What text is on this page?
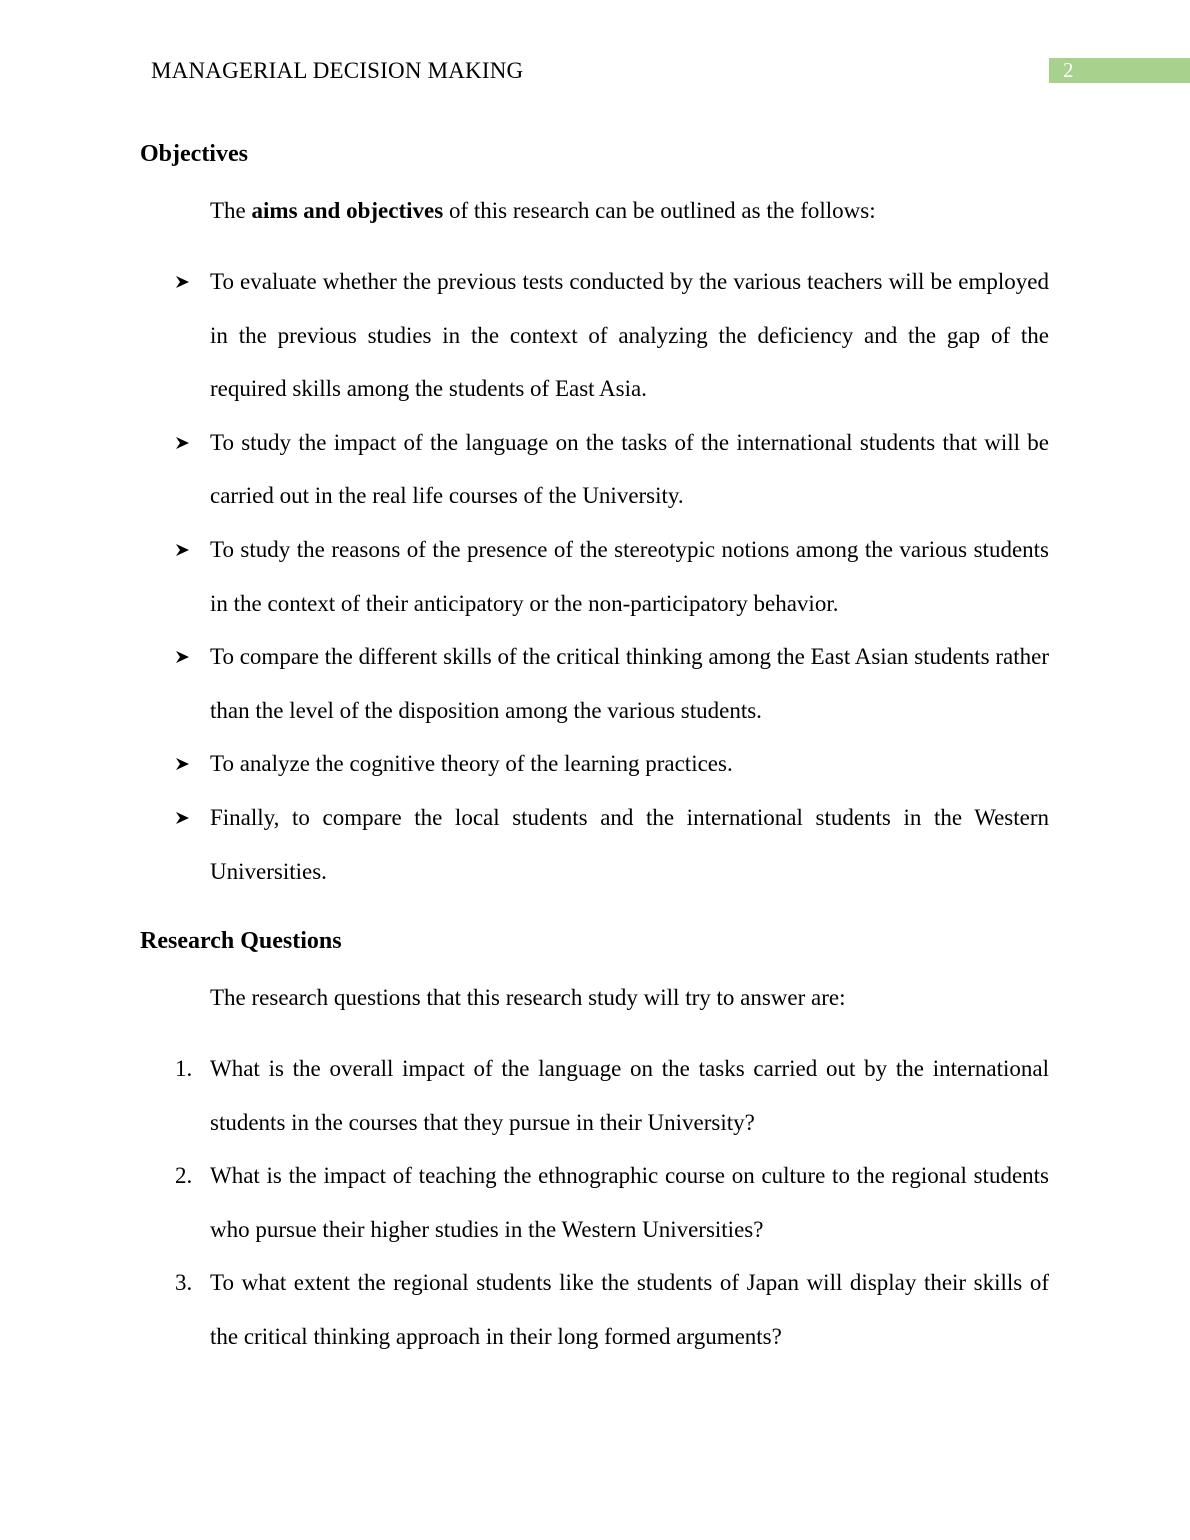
MANAGERIAL DECISION MAKING	2
Objectives
The aims and objectives of this research can be outlined as the follows:
To evaluate whether the previous tests conducted by the various teachers will be employed in the previous studies in the context of analyzing the deficiency and the gap of the required skills among the students of East Asia.
To study the impact of the language on the tasks of the international students that will be carried out in the real life courses of the University.
To study the reasons of the presence of the stereotypic notions among the various students in the context of their anticipatory or the non-participatory behavior.
To compare the different skills of the critical thinking among the East Asian students rather than the level of the disposition among the various students.
To analyze the cognitive theory of the learning practices.
Finally, to compare the local students and the international students in the Western Universities.
Research Questions
The research questions that this research study will try to answer are:
1. What is the overall impact of the language on the tasks carried out by the international students in the courses that they pursue in their University?
2. What is the impact of teaching the ethnographic course on culture to the regional students who pursue their higher studies in the Western Universities?
3. To what extent the regional students like the students of Japan will display their skills of the critical thinking approach in their long formed arguments?
